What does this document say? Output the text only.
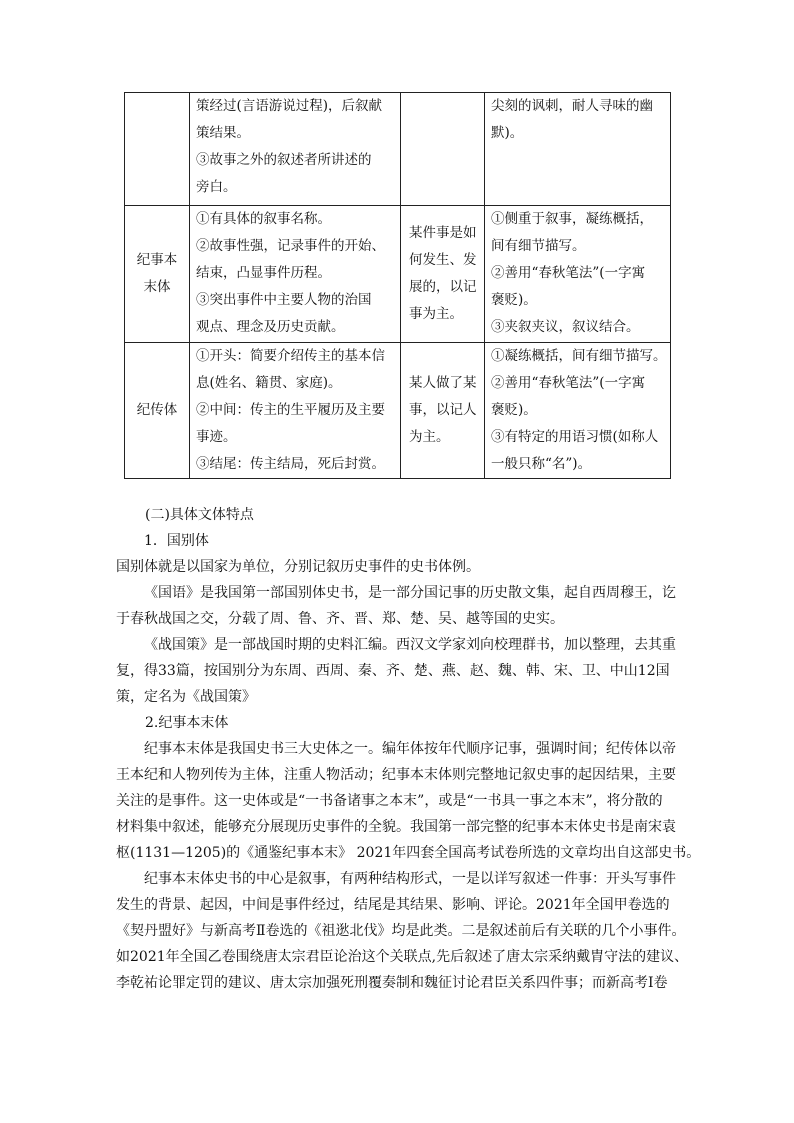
	策经过(言语游说过程)，后叙献
策结果。
③故事之外的叙述者所讲述的
旁白。		尖刻的讽刺，耐人寻味的幽
默)。

纪事本
末体	①有具体的叙事名称。
②故事性强，记录事件的开始、
结束，凸显事件历程。
③突出事件中主要人物的治国
观点、理念及历史贡献。	某件事是如
何发生、发
展的，以记
事为主。	①侧重于叙事，凝练概括，
间有细节描写。
②善用“春秋笔法”(一字寓
褒贬)。
③夹叙夹议，叙议结合。

纪传体	①开头：简要介绍传主的基本信
息(姓名、籍贯、家庭)。
②中间：传主的生平履历及主要
事迹。
③结尾：传主结局，死后封赏。	某人做了某
事，以记人
为主。	①凝练概括，间有细节描写。
②善用“春秋笔法”(一字寓
褒贬)。
③有特定的用语习惯(如称人
一般只称“名”)。
(二)具体文体特点
1．国别体
国别体就是以国家为单位，分别记叙历史事件的史书体例。
《国语》是我国第一部国别体史书，是一部分国记事的历史散文集，起自西周穆王，讫
于春秋战国之交，分载了周、鲁、齐、晋、郑、楚、吴、越等国的史实。
《战国策》是一部战国时期的史料汇编。西汉文学家刘向校理群书，加以整理，去其重
复，得33篇，按国别分为东周、西周、秦、齐、楚、燕、赵、魏、韩、宋、卫、中山12国
策，定名为《战国策》
2.纪事本末体
纪事本末体是我国史书三大史体之一。编年体按年代顺序记事，强调时间；纪传体以帝
王本纪和人物列传为主体，注重人物活动；纪事本末体则完整地记叙史事的起因结果，主要
关注的是事件。这一史体或是“一书备诸事之本末”，或是“一书具一事之本末”，将分散的
材料集中叙述，能够充分展现历史事件的全貌。我国第一部完整的纪事本末体史书是南宋袁
枢(1131—1205)的《通鉴纪事本末》 2021年四套全国高考试卷所选的文章均出自这部史书。
纪事本末体史书的中心是叙事，有两种结构形式，一是以详写叙述一件事：开头写事件
发生的背景、起因，中间是事件经过，结尾是其结果、影响、评论。2021年全国甲卷选的
《契丹盟好》与新高考Ⅱ卷选的《祖逖北伐》均是此类。二是叙述前后有关联的几个小事件。
如2021年全国乙卷围绕唐太宗君臣论治这个关联点,先后叙述了唐太宗采纳戴胄守法的建议、
李乾祐论罪定罚的建议、唐太宗加强死刑覆奏制和魏征讨论君臣关系四件事；而新高考Ⅰ卷
